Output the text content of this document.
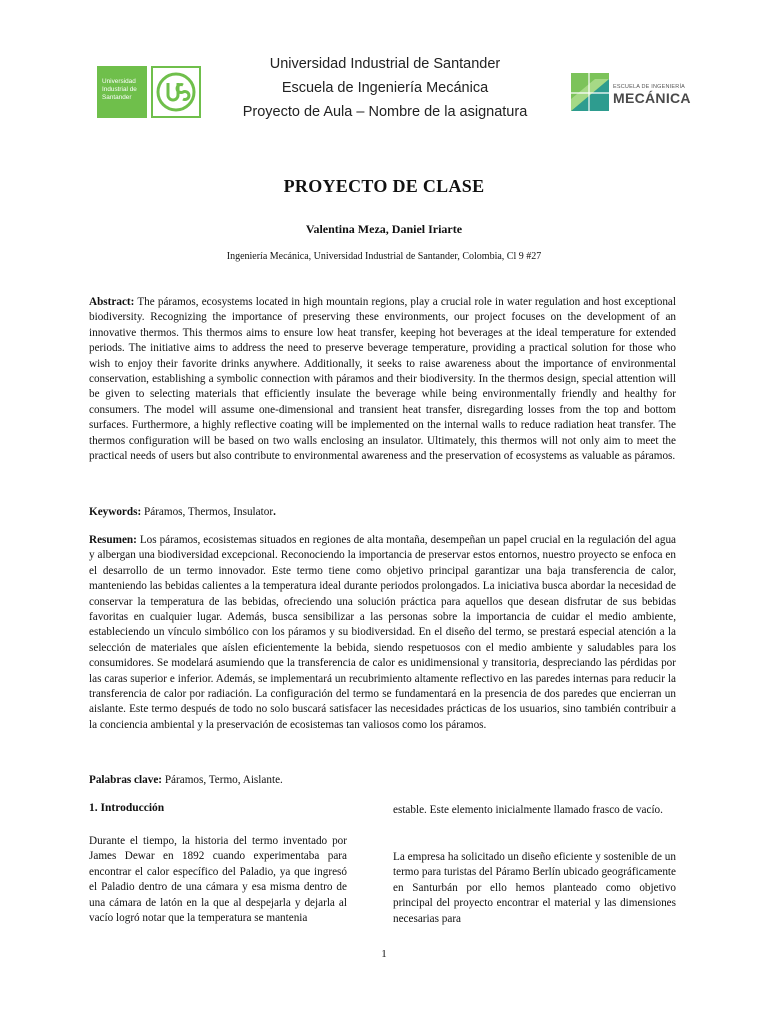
Universidad
Industrial de
Santander
Universidad Industrial de Santander
Escuela de Ingeniería Mecánica
Proyecto de Aula – Nombre de la asignatura
ESCUELA DE INGENIERÍA
MECÁNICA
PROYECTO DE CLASE
Valentina Meza, Daniel Iriarte
Ingeniería Mecánica, Universidad Industrial de Santander, Colombia, Cl 9 #27
Abstract: The páramos, ecosystems located in high mountain regions, play a crucial role in water regulation and host exceptional biodiversity. Recognizing the importance of preserving these environments, our project focuses on the development of an innovative thermos. This thermos aims to ensure low heat transfer, keeping hot beverages at the ideal temperature for extended periods. The initiative aims to address the need to preserve beverage temperature, providing a practical solution for those who wish to enjoy their favorite drinks anywhere. Additionally, it seeks to raise awareness about the importance of environmental conservation, establishing a symbolic connection with páramos and their biodiversity. In the thermos design, special attention will be given to selecting materials that efficiently insulate the beverage while being environmentally friendly and healthy for consumers. The model will assume one-dimensional and transient heat transfer, disregarding losses from the top and bottom surfaces. Furthermore, a highly reflective coating will be implemented on the internal walls to reduce radiation heat transfer. The thermos configuration will be based on two walls enclosing an insulator. Ultimately, this thermos will not only aim to meet the practical needs of users but also contribute to environmental awareness and the preservation of ecosystems as valuable as páramos.
Keywords: Páramos, Thermos, Insulator.
Resumen: Los páramos, ecosistemas situados en regiones de alta montaña, desempeñan un papel crucial en la regulación del agua y albergan una biodiversidad excepcional. Reconociendo la importancia de preservar estos entornos, nuestro proyecto se enfoca en el desarrollo de un termo innovador. Este termo tiene como objetivo principal garantizar una baja transferencia de calor, manteniendo las bebidas calientes a la temperatura ideal durante periodos prolongados. La iniciativa busca abordar la necesidad de conservar la temperatura de las bebidas, ofreciendo una solución práctica para aquellos que desean disfrutar de sus bebidas favoritas en cualquier lugar. Además, busca sensibilizar a las personas sobre la importancia de cuidar el medio ambiente, estableciendo un vínculo simbólico con los páramos y su biodiversidad. En el diseño del termo, se prestará especial atención a la selección de materiales que aíslen eficientemente la bebida, siendo respetuosos con el medio ambiente y saludables para los consumidores. Se modelará asumiendo que la transferencia de calor es unidimensional y transitoria, despreciando las pérdidas por las caras superior e inferior. Además, se implementará un recubrimiento altamente reflectivo en las paredes internas para reducir la transferencia de calor por radiación. La configuración del termo se fundamentará en la presencia de dos paredes que encierran un aislante. Este termo después de todo no solo buscará satisfacer las necesidades prácticas de los usuarios, sino también contribuir a la conciencia ambiental y la preservación de ecosistemas tan valiosos como los páramos.
Palabras clave: Páramos, Termo, Aislante.
1. Introducción
Durante el tiempo, la historia del termo inventado por James Dewar en 1892 cuando experimentaba para encontrar el calor específico del Paladio, ya que ingresó el Paladio dentro de una cámara y esa misma dentro de una cámara de latón en la que al despejarla y dejarla al vacío logró notar que la temperatura se mantenia
estable. Este elemento inicialmente llamado frasco de vacío.
La empresa ha solicitado un diseño eficiente y sostenible de un termo para turistas del Páramo Berlín ubicado geográficamente en Santurbán por ello hemos planteado como objetivo principal del proyecto encontrar el material y las dimensiones necesarias para
1
